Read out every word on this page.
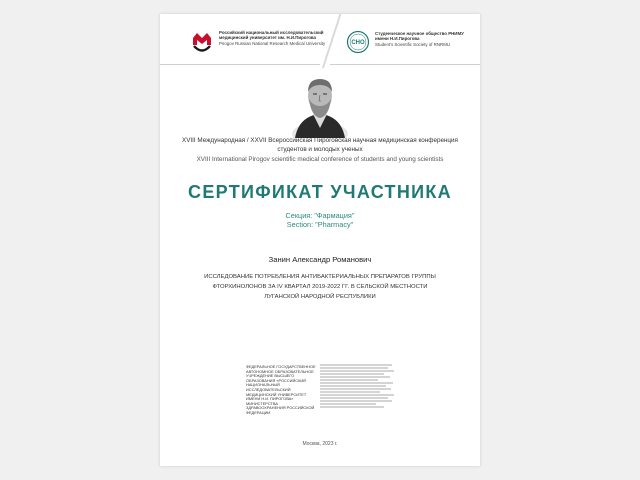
Российский национальный исследовательский медицинский университет им. Н.И.Пирогова
Pirogov Russian National Research Medical University	СНО
Студенческое научное общество РНИМУ имени Н.И.Пирогова
Student's Scientific Society of RNRMU
XVIII Международная / XXVII Всероссийская Пироговская научная медицинская конференция студентов и молодых ученых
XVIII International Pirogov scientific medical conference of students and young scientists
СЕРТИФИКАТ УЧАСТНИКА
Секция: "Фармация"
Section: "Pharmacy"
Занин Александр Романович
ИССЛЕДОВАНИЕ ПОТРЕБЛЕНИЯ АНТИБАКТЕРИАЛЬНЫХ ПРЕПАРАТОВ ГРУППЫ ФТОРХИНОЛОНОВ ЗА IV КВАРТАЛ 2019-2022 ГГ. В СЕЛЬСКОЙ МЕСТНОСТИ ЛУГАНСКОЙ НАРОДНОЙ РЕСПУБЛИКИ
ФЕДЕРАЛЬНОЕ ГОСУДАРСТВЕННОЕ АВТОНОМНОЕ ОБРАЗОВАТЕЛЬНОЕ УЧРЕЖДЕНИЕ ВЫСШЕГО ОБРАЗОВАНИЯ «РОССИЙСКИЙ НАЦИОНАЛЬНЫЙ ИССЛЕДОВАТЕЛЬСКИЙ МЕДИЦИНСКИЙ УНИВЕРСИТЕТ ИМЕНИ Н.И. ПИРОГОВА» МИНИСТЕРСТВА ЗДРАВООХРАНЕНИЯ РОССИЙСКОЙ ФЕДЕРАЦИИ
Москва, 2023 г.
